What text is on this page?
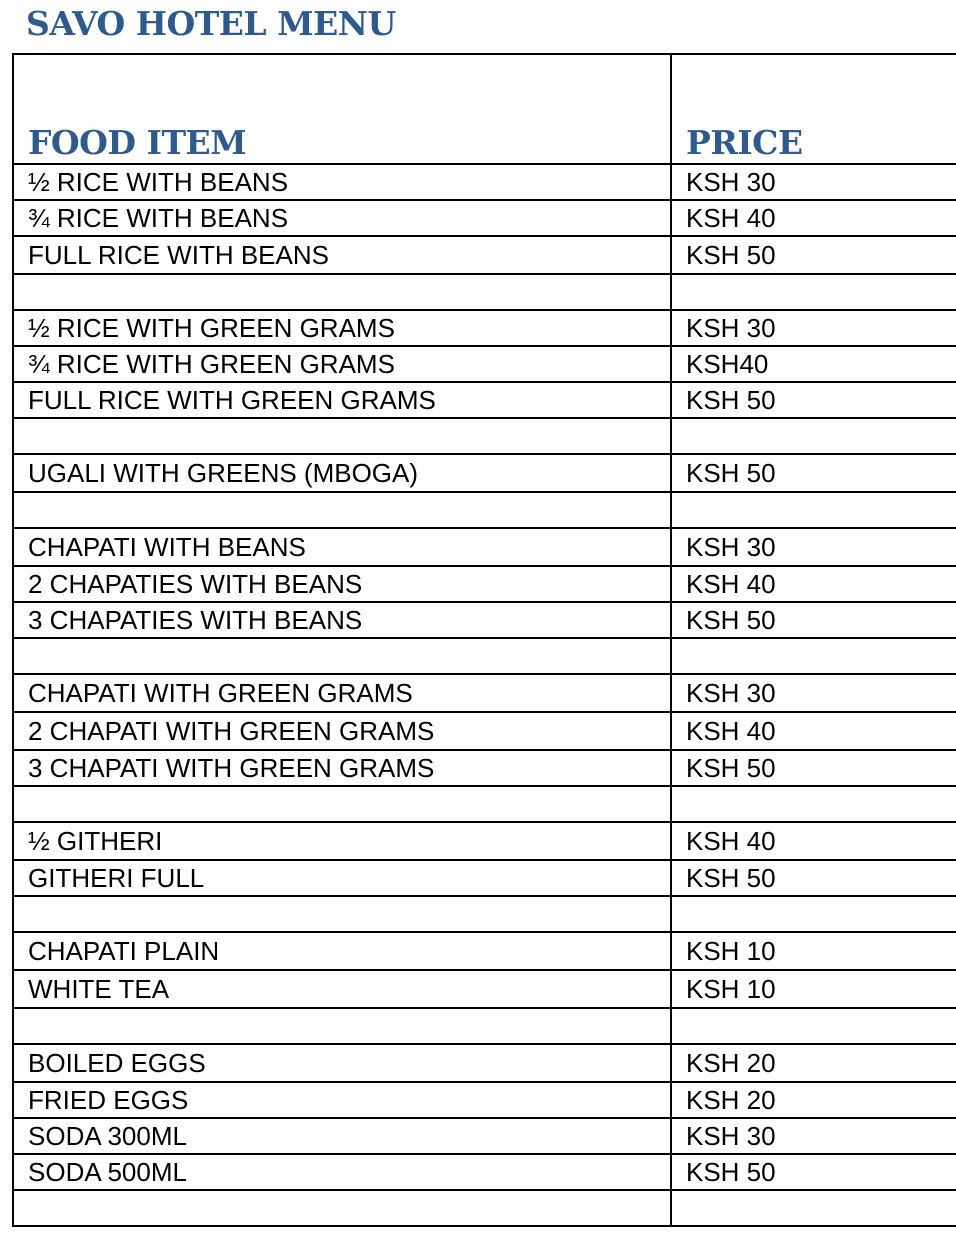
SAVO HOTEL MENU
FOOD ITEM	PRICE
½ RICE WITH BEANS	KSH 30
¾ RICE WITH BEANS	KSH 40
FULL RICE WITH BEANS	KSH 50

½ RICE WITH GREEN GRAMS	KSH 30
¾ RICE WITH GREEN GRAMS	KSH40
FULL RICE WITH GREEN GRAMS	KSH 50

UGALI WITH GREENS (MBOGA)	KSH 50

CHAPATI WITH BEANS	KSH 30
2 CHAPATIES WITH BEANS	KSH 40
3 CHAPATIES WITH BEANS	KSH 50

CHAPATI WITH GREEN GRAMS	KSH 30
2 CHAPATI WITH GREEN GRAMS	KSH 40
3 CHAPATI WITH GREEN GRAMS	KSH 50

½ GITHERI	KSH 40
GITHERI FULL	KSH 50

CHAPATI PLAIN	KSH 10
WHITE TEA	KSH 10

BOILED EGGS	KSH 20
FRIED EGGS	KSH 20
SODA 300ML	KSH 30
SODA 500ML	KSH 50
